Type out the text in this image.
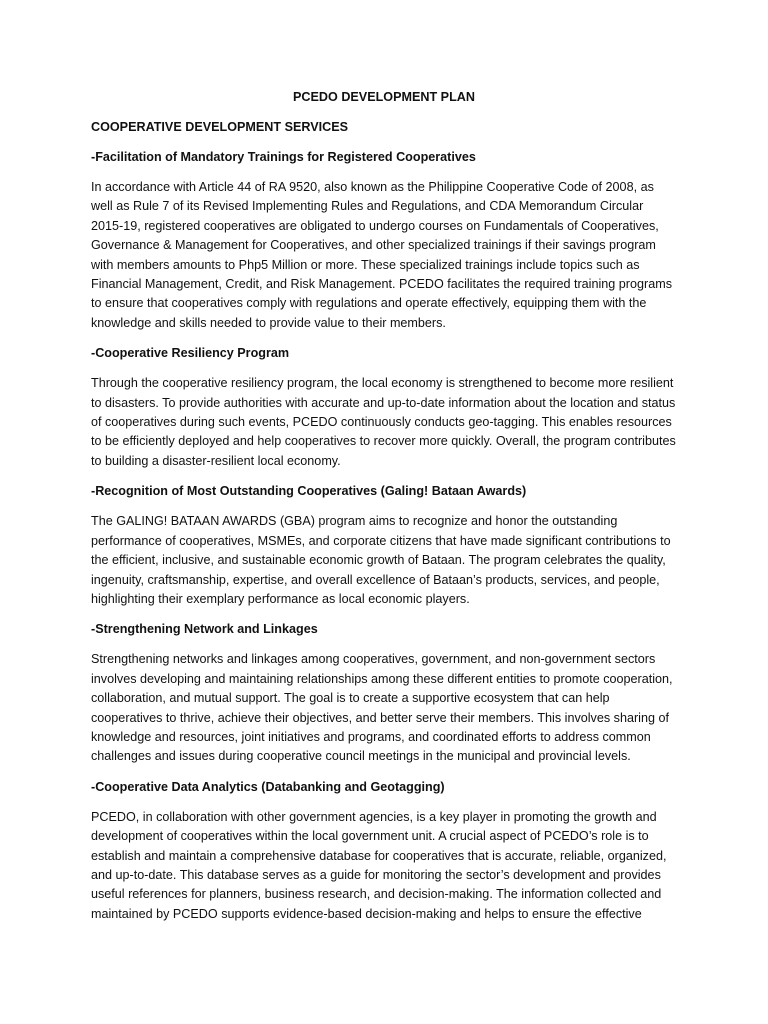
PCEDO DEVELOPMENT PLAN
COOPERATIVE DEVELOPMENT SERVICES
-Facilitation of Mandatory Trainings for Registered Cooperatives

In accordance with Article 44 of RA 9520, also known as the Philippine Cooperative Code of 2008, as well as Rule 7 of its Revised Implementing Rules and Regulations, and CDA Memorandum Circular 2015-19, registered cooperatives are obligated to undergo courses on Fundamentals of Cooperatives, Governance & Management for Cooperatives, and other specialized trainings if their savings program with members amounts to Php5 Million or more. These specialized trainings include topics such as Financial Management, Credit, and Risk Management. PCEDO facilitates the required training programs to ensure that cooperatives comply with regulations and operate effectively, equipping them with the knowledge and skills needed to provide value to their members.

-Cooperative Resiliency Program

Through the cooperative resiliency program, the local economy is strengthened to become more resilient to disasters. To provide authorities with accurate and up-to-date information about the location and status of cooperatives during such events, PCEDO continuously conducts geo-tagging. This enables resources to be efficiently deployed and help cooperatives to recover more quickly. Overall, the program contributes to building a disaster-resilient local economy.

-Recognition of Most Outstanding Cooperatives (Galing! Bataan Awards)

The GALING! BATAAN AWARDS (GBA) program aims to recognize and honor the outstanding performance of cooperatives, MSMEs, and corporate citizens that have made significant contributions to the efficient, inclusive, and sustainable economic growth of Bataan. The program celebrates the quality, ingenuity, craftsmanship, expertise, and overall excellence of Bataan’s products, services, and people, highlighting their exemplary performance as local economic players.

-Strengthening Network and Linkages

Strengthening networks and linkages among cooperatives, government, and non-government sectors involves developing and maintaining relationships among these different entities to promote cooperation, collaboration, and mutual support. The goal is to create a supportive ecosystem that can help cooperatives to thrive, achieve their objectives, and better serve their members. This involves sharing of knowledge and resources, joint initiatives and programs, and coordinated efforts to address common challenges and issues during cooperative council meetings in the municipal and provincial levels.

-Cooperative Data Analytics (Databanking and Geotagging)

PCEDO, in collaboration with other government agencies, is a key player in promoting the growth and development of cooperatives within the local government unit. A crucial aspect of PCEDO’s role is to establish and maintain a comprehensive database for cooperatives that is accurate, reliable, organized, and up-to-date. This database serves as a guide for monitoring the sector’s development and provides useful references for planners, business research, and decision-making. The information collected and maintained by PCEDO supports evidence-based decision-making and helps to ensure the effective
